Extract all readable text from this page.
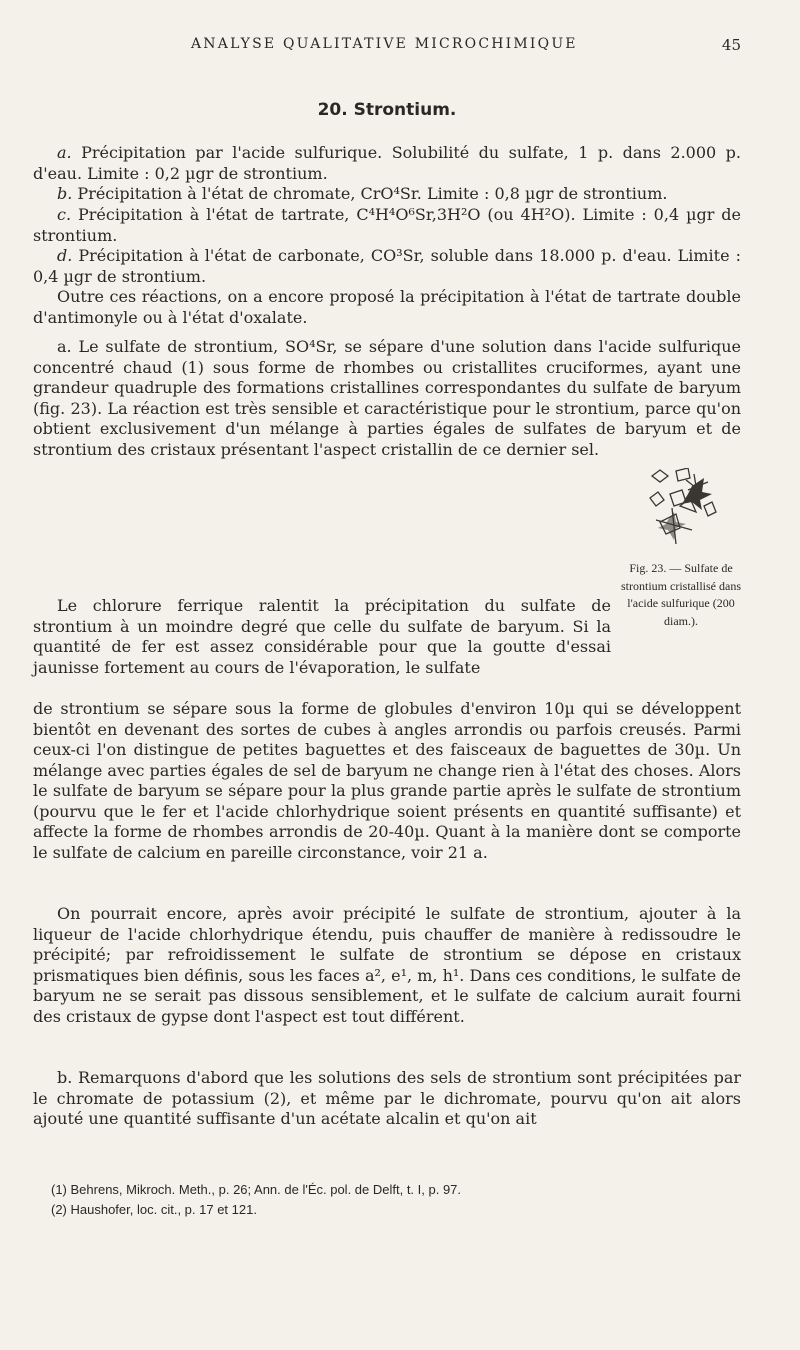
ANALYSE QUALITATIVE MICROCHIMIQUE	45
20. Strontium.
a. Précipitation par l'acide sulfurique. Solubilité du sulfate, 1 p. dans 2.000 p. d'eau. Limite : 0,2 µgr de strontium.
b. Précipitation à l'état de chromate, CrO⁴Sr. Limite : 0,8 µgr de strontium.
c. Précipitation à l'état de tartrate, C⁴H⁴O⁶Sr,3H²O (ou 4H²O). Limite : 0,4 µgr de strontium.
d. Précipitation à l'état de carbonate, CO³Sr, soluble dans 18.000 p. d'eau. Limite : 0,4 µgr de strontium.
Outre ces réactions, on a encore proposé la précipitation à l'état de tartrate double d'antimonyle ou à l'état d'oxalate.
a. Le sulfate de strontium, SO⁴Sr, se sépare d'une solution dans l'acide sulfurique concentré chaud (1) sous forme de rhombes ou cristallites cruciformes, ayant une grandeur quadruple des formations cristallines correspondantes du sulfate de baryum (fig. 23). La réaction est très sensible et caractéristique pour le strontium, parce qu'on obtient exclusivement d'un mélange à parties égales de sulfates de baryum et de strontium des cristaux présentant l'aspect cristallin de ce dernier sel.
Le chlorure ferrique ralentit la précipitation du sulfate de strontium à un moindre degré que celle du sulfate de baryum. Si la quantité de fer est assez considérable pour que la goutte d'essai jaunisse fortement au cours de l'évaporation, le sulfate
de strontium se sépare sous la forme de globules d'environ 10µ qui se développent bientôt en devenant des sortes de cubes à angles arrondis ou parfois creusés. Parmi ceux-ci l'on distingue de petites baguettes et des faisceaux de baguettes de 30µ. Un mélange avec parties égales de sel de baryum ne change rien à l'état des choses. Alors le sulfate de baryum se sépare pour la plus grande partie après le sulfate de strontium (pourvu que le fer et l'acide chlorhydrique soient présents en quantité suffisante) et affecte la forme de rhombes arrondis de 20-40µ. Quant à la manière dont se comporte le sulfate de calcium en pareille circonstance, voir 21 a.
On pourrait encore, après avoir précipité le sulfate de strontium, ajouter à la liqueur de l'acide chlorhydrique étendu, puis chauffer de manière à redissoudre le précipité; par refroidissement le sulfate de strontium se dépose en cristaux prismatiques bien définis, sous les faces a², e¹, m, h¹. Dans ces conditions, le sulfate de baryum ne se serait pas dissous sensiblement, et le sulfate de calcium aurait fourni des cristaux de gypse dont l'aspect est tout différent.
b. Remarquons d'abord que les solutions des sels de strontium sont précipitées par le chromate de potassium (2), et même par le dichromate, pourvu qu'on ait alors ajouté une quantité suffisante d'un acétate alcalin et qu'on ait
Fig. 23. — Sulfate de strontium cristallisé dans l'acide sulfurique (200 diam.).
(1) Behrens, Mikroch. Meth., p. 26; Ann. de l'Éc. pol. de Delft, t. I, p. 97.
(2) Haushofer, loc. cit., p. 17 et 121.
